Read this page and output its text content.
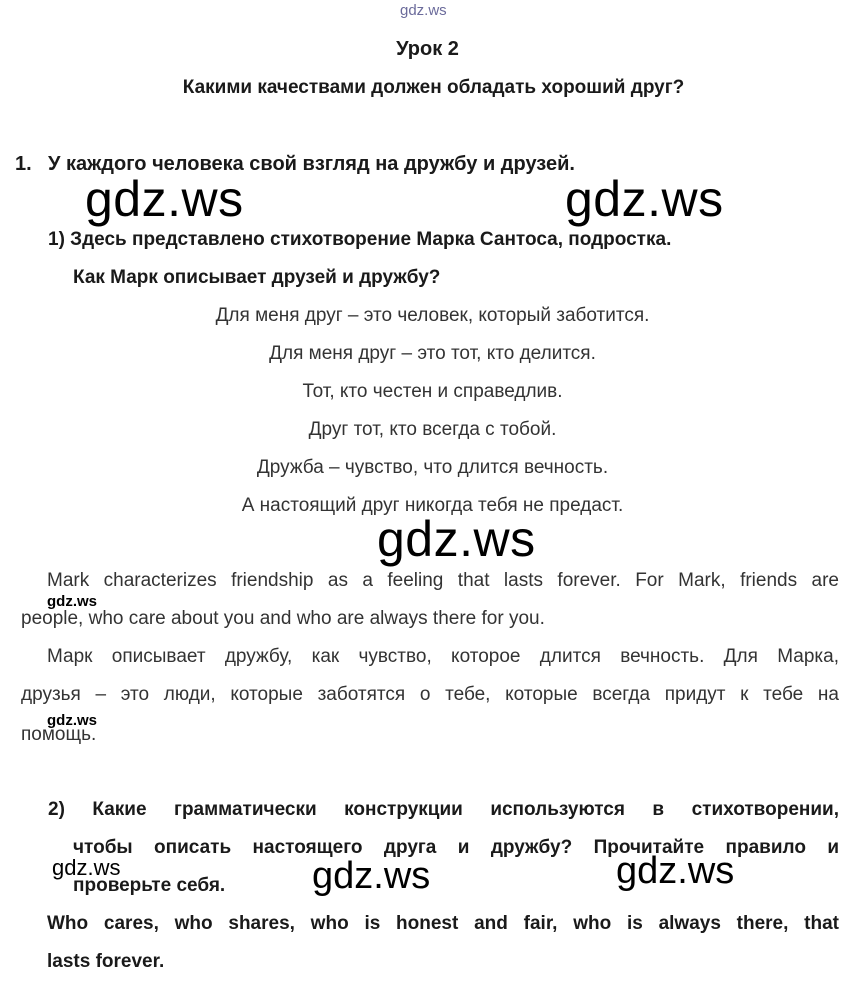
gdz.ws
Урок 2
Какими качествами должен обладать хороший друг?
1. У каждого человека свой взгляд на дружбу и друзей.
gdz.ws	gdz.ws
1) Здесь представлено стихотворение Марка Сантоса, подростка.
Как Марк описывает друзей и дружбу?
Для меня друг – это человек, который заботится.
Для меня друг – это тот, кто делится.
Тот, кто честен и справедлив.
Друг тот, кто всегда с тобой.
Дружба – чувство, что длится вечность.
А настоящий друг никогда тебя не предаст.
gdz.ws
Mark characterizes friendship as a feeling that lasts forever. For Mark, friends are
gdz.ws
people, who care about you and who are always there for you.
Марк описывает дружбу, как чувство, которое длится вечность. Для Марка,
друзья – это люди, которые заботятся о тебе, которые всегда придут к тебе на
gdz.ws
помощь.
2) Какие грамматически конструкции используются в стихотворении,
чтобы описать настоящего друга и дружбу? Прочитайте правило и
проверьте себя.
gdz.ws	gdz.ws	gdz.ws
Who cares, who shares, who is honest and fair, who is always there, that
lasts forever.
